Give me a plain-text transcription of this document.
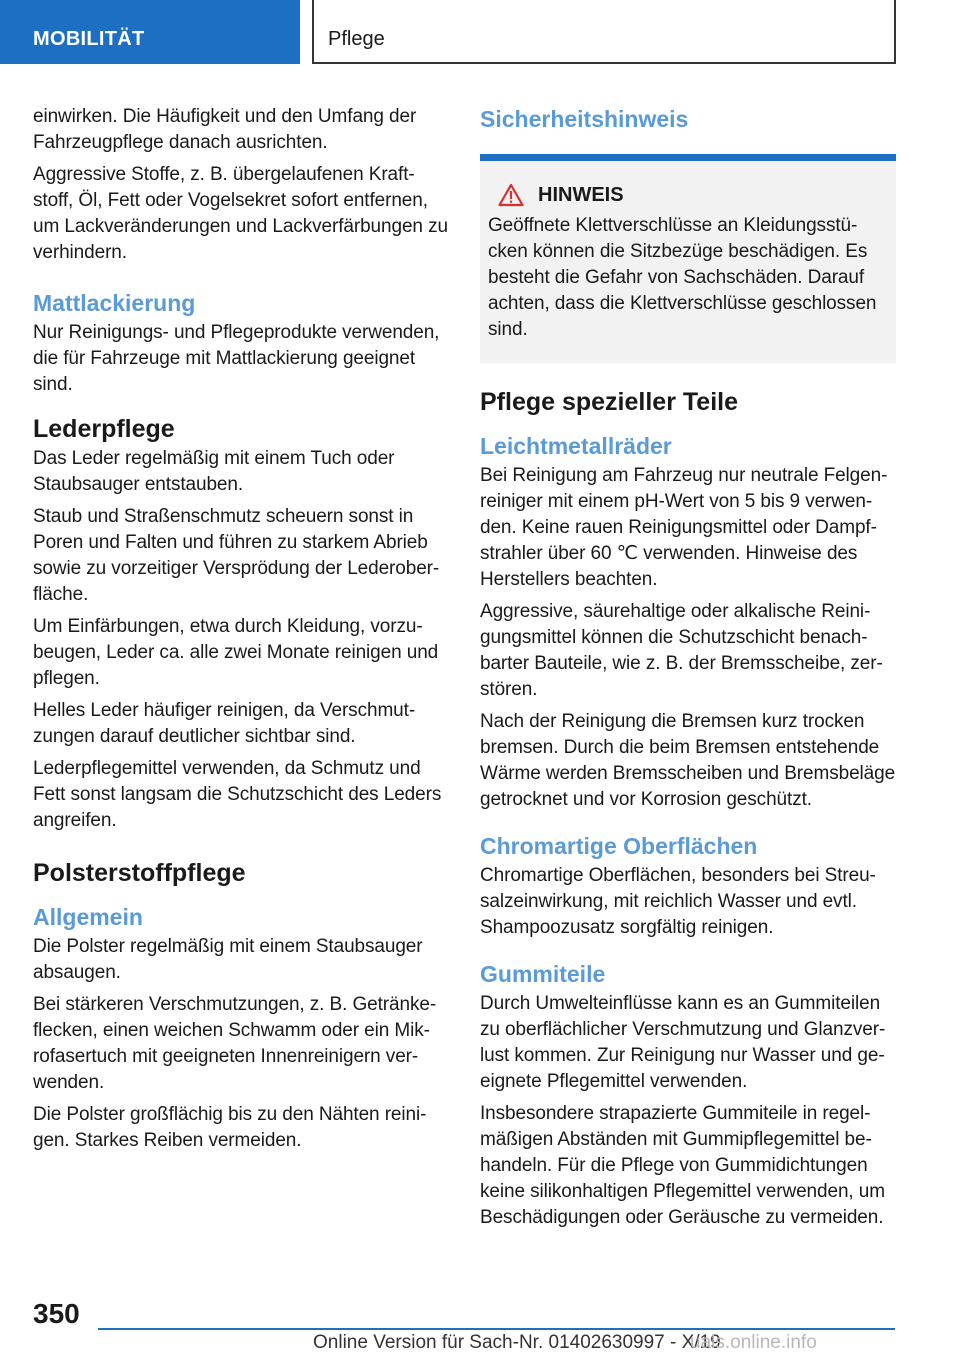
MOBILITÄT	Pflege

einwirken. Die Häufigkeit und den Umfang der Fahrzeugpflege danach ausrichten.

Aggressive Stoffe, z. B. übergelaufenen Kraftstoff, Öl, Fett oder Vogelsekret sofort entfernen, um Lackveränderungen und Lackverfärbungen zu verhindern.

Mattlackierung

Nur Reinigungs- und Pflegeprodukte verwenden, die für Fahrzeuge mit Mattlackierung geeignet sind.

Lederpflege

Das Leder regelmäßig mit einem Tuch oder Staubsauger entstauben.

Staub und Straßenschmutz scheuern sonst in Poren und Falten und führen zu starkem Abrieb sowie zu vorzeitiger Versprödung der Lederoberfläche.

Um Einfärbungen, etwa durch Kleidung, vorzubeugen, Leder ca. alle zwei Monate reinigen und pflegen.

Helles Leder häufiger reinigen, da Verschmutzungen darauf deutlicher sichtbar sind.

Lederpflegemittel verwenden, da Schmutz und Fett sonst langsam die Schutzschicht des Leders angreifen.

Polsterstoffpflege
Allgemein

Die Polster regelmäßig mit einem Staubsauger absaugen.

Bei stärkeren Verschmutzungen, z. B. Getränkeflecken, einen weichen Schwamm oder ein Mikrofasertuch mit geeigneten Innenreinigern verwenden.

Die Polster großflächig bis zu den Nähten reinigen. Starkes Reiben vermeiden.

Sicherheitshinweis
HINWEIS

Geöffnete Klettverschlüsse an Kleidungsstücken können die Sitzbezüge beschädigen. Es besteht die Gefahr von Sachschäden. Darauf achten, dass die Klettverschlüsse geschlossen sind.

Pflege spezieller Teile
Leichtmetallräder

Bei Reinigung am Fahrzeug nur neutrale Felgenreiniger mit einem pH-Wert von 5 bis 9 verwenden. Keine rauen Reinigungsmittel oder Dampfstrahler über 60 ℃ verwenden. Hinweise des Herstellers beachten.

Aggressive, säurehaltige oder alkalische Reinigungsmittel können die Schutzschicht benachbarter Bauteile, wie z. B. der Bremsscheibe, zerstören.

Nach der Reinigung die Bremsen kurz trocken bremsen. Durch die beim Bremsen entstehende Wärme werden Bremsscheiben und Bremsbeläge getrocknet und vor Korrosion geschützt.

Chromartige Oberflächen

Chromartige Oberflächen, besonders bei Streusalzeinwirkung, mit reichlich Wasser und evtl. Shampoozusatz sorgfältig reinigen.

Gummiteile

Durch Umwelteinflüsse kann es an Gummiteilen zu oberflächlicher Verschmutzung und Glanzverlust kommen. Zur Reinigung nur Wasser und geeignete Pflegemittel verwenden.

Insbesondere strapazierte Gummiteile in regelmäßigen Abständen mit Gummipflegemittel behandeln. Für die Pflege von Gummidichtungen keine silikonhaltigen Pflegemittel verwenden, um Beschädigungen oder Geräusche zu vermeiden.

350
Online Version für Sach-Nr. 01402630997 - X/19
uals.online.info
